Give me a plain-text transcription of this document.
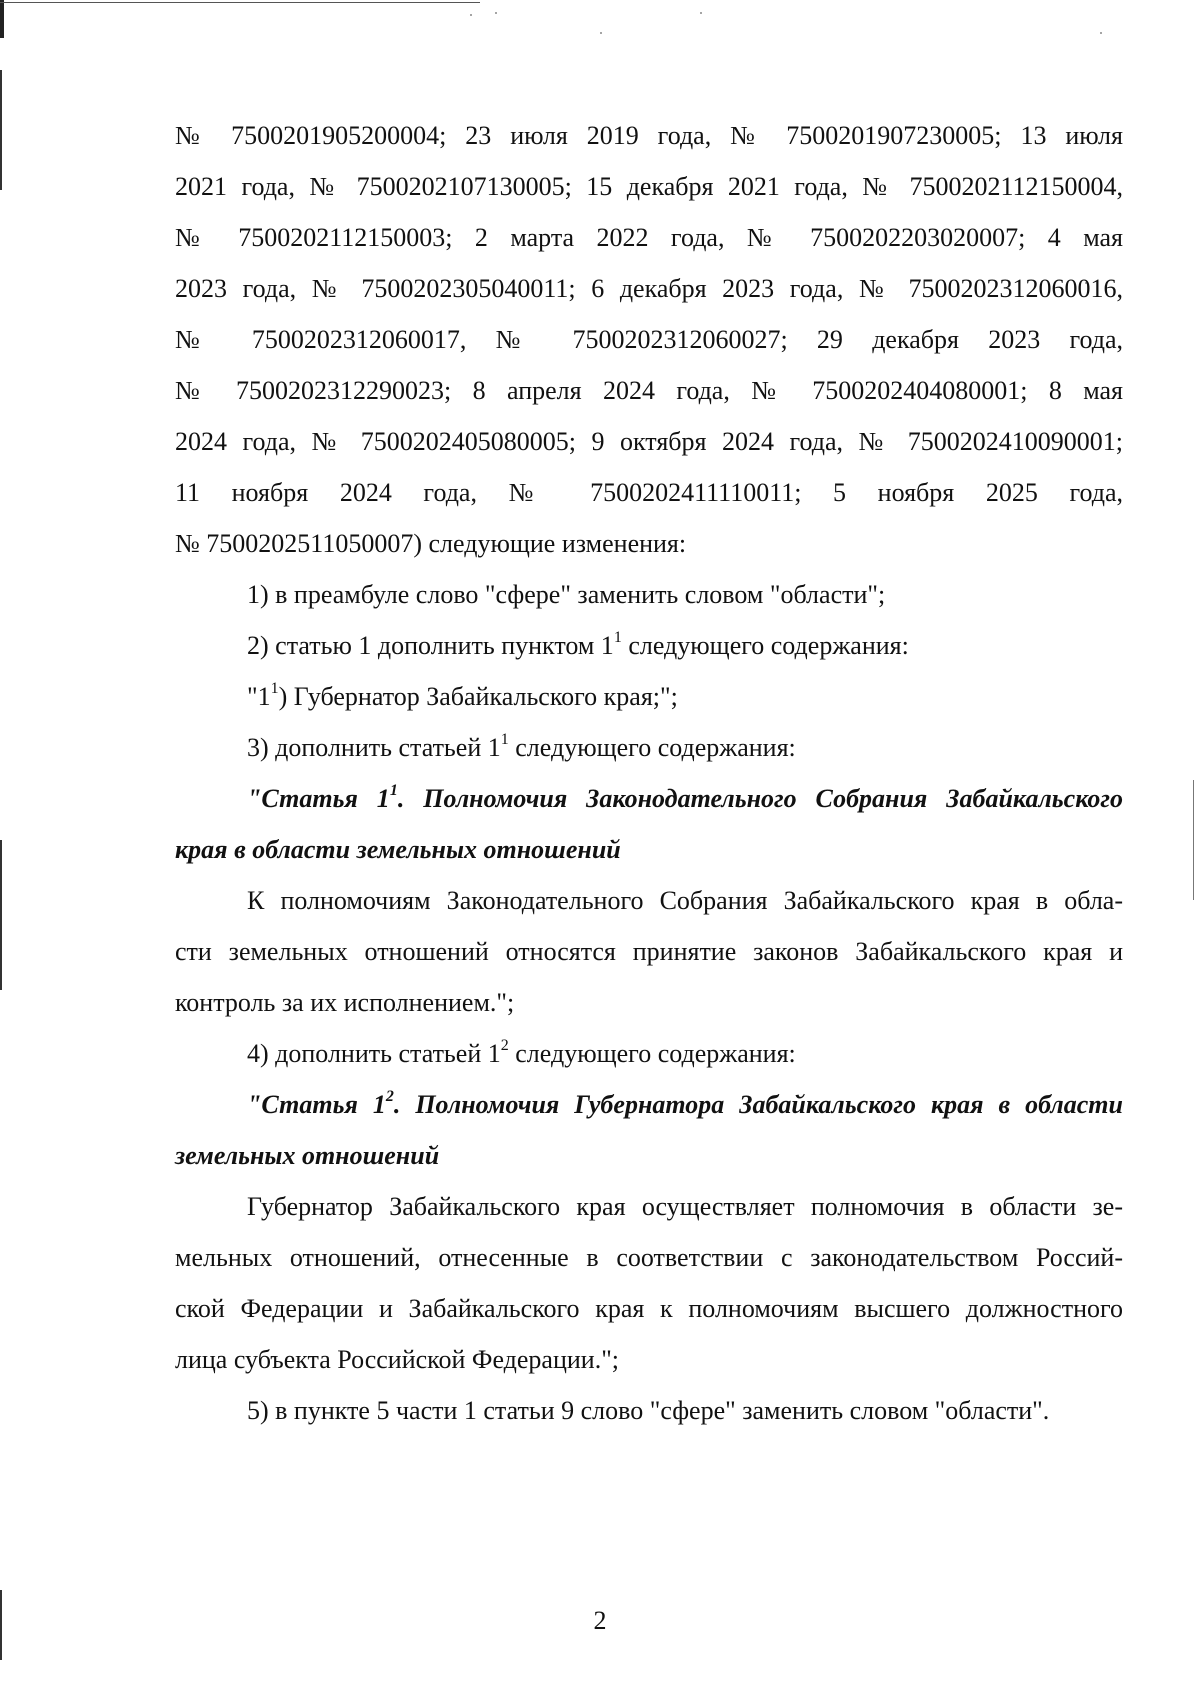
№ 7500201905200004; 23 июля 2019 года, № 7500201907230005; 13 июля
2021 года, № 7500202107130005; 15 декабря 2021 года, № 7500202112150004,
№ 7500202112150003; 2 марта 2022 года, № 7500202203020007; 4 мая
2023 года, № 7500202305040011; 6 декабря 2023 года, № 7500202312060016,
№ 7500202312060017, № 7500202312060027; 29 декабря 2023 года,
№ 7500202312290023; 8 апреля 2024 года, № 7500202404080001; 8 мая
2024 года, № 7500202405080005; 9 октября 2024 года, № 7500202410090001;
11 ноября 2024 года, № 7500202411110011; 5 ноября 2025 года,
№ 7500202511050007) следующие изменения:
1) в преамбуле слово "сфере" заменить словом "области";
2) статью 1 дополнить пунктом $1^1$ следующего содержания:
"$1^1$) Губернатор Забайкальского края;";
3) дополнить статьей $1^1$ следующего содержания:
"Статья $1^1$. Полномочия Законодательного Собрания Забайкальского
края в области земельных отношений
К полномочиям Законодательного Собрания Забайкальского края в обла-
сти земельных отношений относятся принятие законов Забайкальского края и
контроль за их исполнением.";
4) дополнить статьей $1^2$ следующего содержания:
"Статья $1^2$. Полномочия Губернатора Забайкальского края в области
земельных отношений
Губернатор Забайкальского края осуществляет полномочия в области зе-
мельных отношений, отнесенные в соответствии с законодательством Россий-
ской Федерации и Забайкальского края к полномочиям высшего должностного
лица субъекта Российской Федерации.";
5) в пункте 5 части 1 статьи 9 слово "сфере" заменить словом "области".
2
